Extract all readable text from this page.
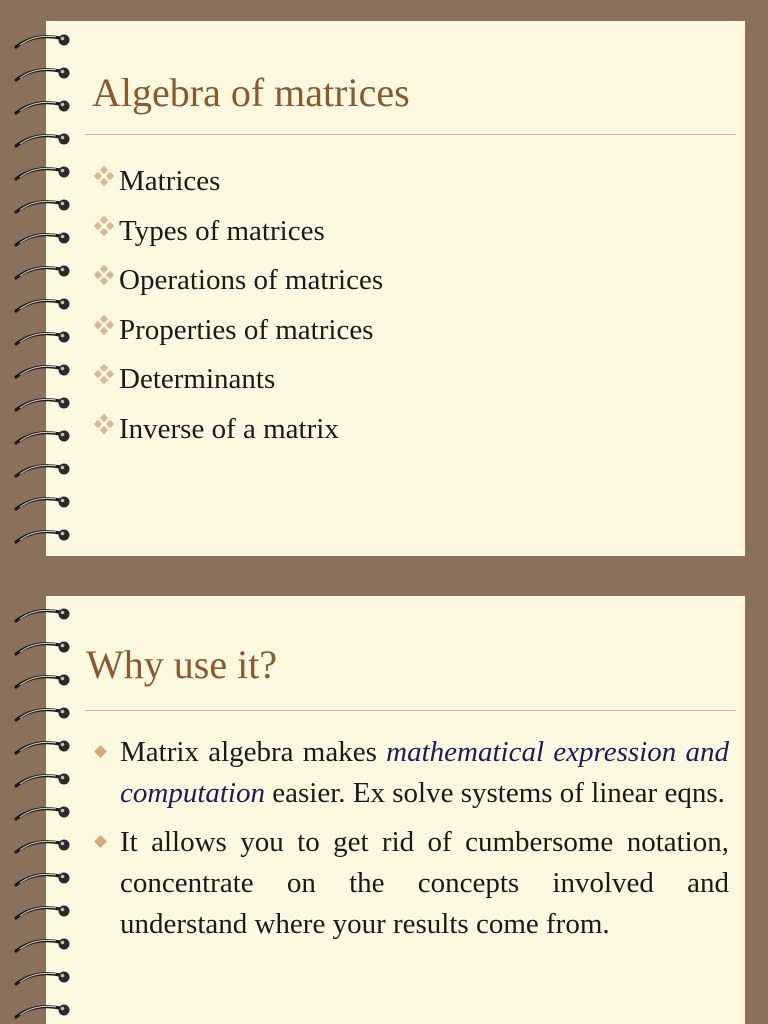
Algebra of matrices
Matrices
Types of matrices
Operations of matrices
Properties of matrices
Determinants
Inverse of a matrix
Why use it?
Matrix algebra makes mathematical expression and computation easier. Ex solve systems of linear eqns.
It allows you to get rid of cumbersome notation, concentrate on the concepts involved and understand where your results come from.
